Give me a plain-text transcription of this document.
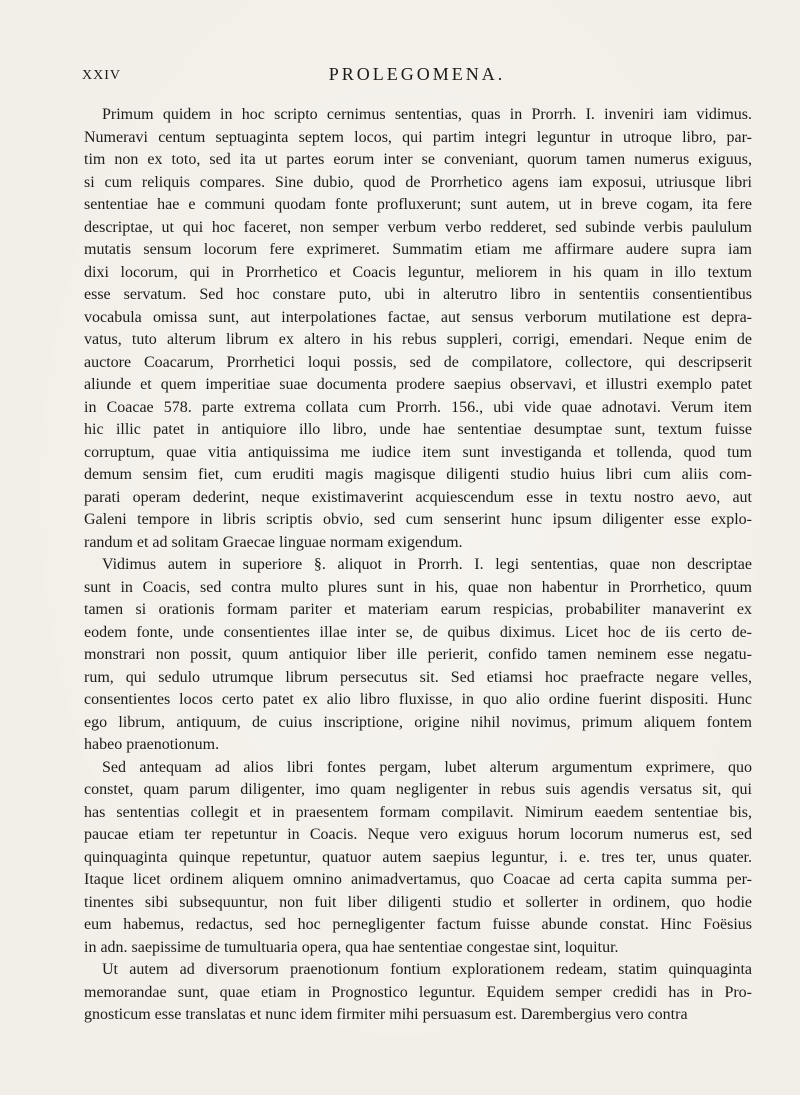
XXIV	PROLEGOMENA.
Primum quidem in hoc scripto cernimus sententias, quas in Prorrh. I. inveniri iam vidimus.
Numeravi centum septuaginta septem locos, qui partim integri leguntur in utroque libro, par-
tim non ex toto, sed ita ut partes eorum inter se conveniant, quorum tamen numerus exiguus,
si cum reliquis compares. Sine dubio, quod de Prorrhetico agens iam exposui, utriusque libri
sententiae hae e communi quodam fonte profluxerunt; sunt autem, ut in breve cogam, ita fere
descriptae, ut qui hoc faceret, non semper verbum verbo redderet, sed subinde verbis paululum
mutatis sensum locorum fere exprimeret. Summatim etiam me affirmare audere supra iam
dixi locorum, qui in Prorrhetico et Coacis leguntur, meliorem in his quam in illo textum
esse servatum. Sed hoc constare puto, ubi in alterutro libro in sententiis consentientibus
vocabula omissa sunt, aut interpolationes factae, aut sensus verborum mutilatione est depra-
vatus, tuto alterum librum ex altero in his rebus suppleri, corrigi, emendari. Neque enim de
auctore Coacarum, Prorrhetici loqui possis, sed de compilatore, collectore, qui descripserit
aliunde et quem imperitiae suae documenta prodere saepius observavi, et illustri exemplo patet
in Coacae 578. parte extrema collata cum Prorrh. 156., ubi vide quae adnotavi. Verum item
hic illic patet in antiquiore illo libro, unde hae sententiae desumptae sunt, textum fuisse
corruptum, quae vitia antiquissima me iudice item sunt investiganda et tollenda, quod tum
demum sensim fiet, cum eruditi magis magisque diligenti studio huius libri cum aliis com-
parati operam dederint, neque existimaverint acquiescendum esse in textu nostro aevo, aut
Galeni tempore in libris scriptis obvio, sed cum senserint hunc ipsum diligenter esse explo-
randum et ad solitam Graecae linguae normam exigendum.
Vidimus autem in superiore §. aliquot in Prorrh. I. legi sententias, quae non descriptae
sunt in Coacis, sed contra multo plures sunt in his, quae non habentur in Prorrhetico, quum
tamen si orationis formam pariter et materiam earum respicias, probabiliter manaverint ex
eodem fonte, unde consentientes illae inter se, de quibus diximus. Licet hoc de iis certo de-
monstrari non possit, quum antiquior liber ille perierit, confido tamen neminem esse negatu-
rum, qui sedulo utrumque librum persecutus sit. Sed etiamsi hoc praefracte negare velles,
consentientes locos certo patet ex alio libro fluxisse, in quo alio ordine fuerint dispositi. Hunc
ego librum, antiquum, de cuius inscriptione, origine nihil novimus, primum aliquem fontem
habeo praenotionum.
Sed antequam ad alios libri fontes pergam, lubet alterum argumentum exprimere, quo
constet, quam parum diligenter, imo quam negligenter in rebus suis agendis versatus sit, qui
has sententias collegit et in praesentem formam compilavit. Nimirum eaedem sententiae bis,
paucae etiam ter repetuntur in Coacis. Neque vero exiguus horum locorum numerus est, sed
quinquaginta quinque repetuntur, quatuor autem saepius leguntur, i. e. tres ter, unus quater.
Itaque licet ordinem aliquem omnino animadvertamus, quo Coacae ad certa capita summa per-
tinentes sibi subsequuntur, non fuit liber diligenti studio et sollerter in ordinem, quo hodie
eum habemus, redactus, sed hoc pernegligenter factum fuisse abunde constat. Hinc Foësius
in adn. saepissime de tumultuaria opera, qua hae sententiae congestae sint, loquitur.
Ut autem ad diversorum praenotionum fontium explorationem redeam, statim quinquaginta
memorandae sunt, quae etiam in Prognostico leguntur. Equidem semper credidi has in Pro-
gnosticum esse translatas et nunc idem firmiter mihi persuasum est. Darembergius vero contra
